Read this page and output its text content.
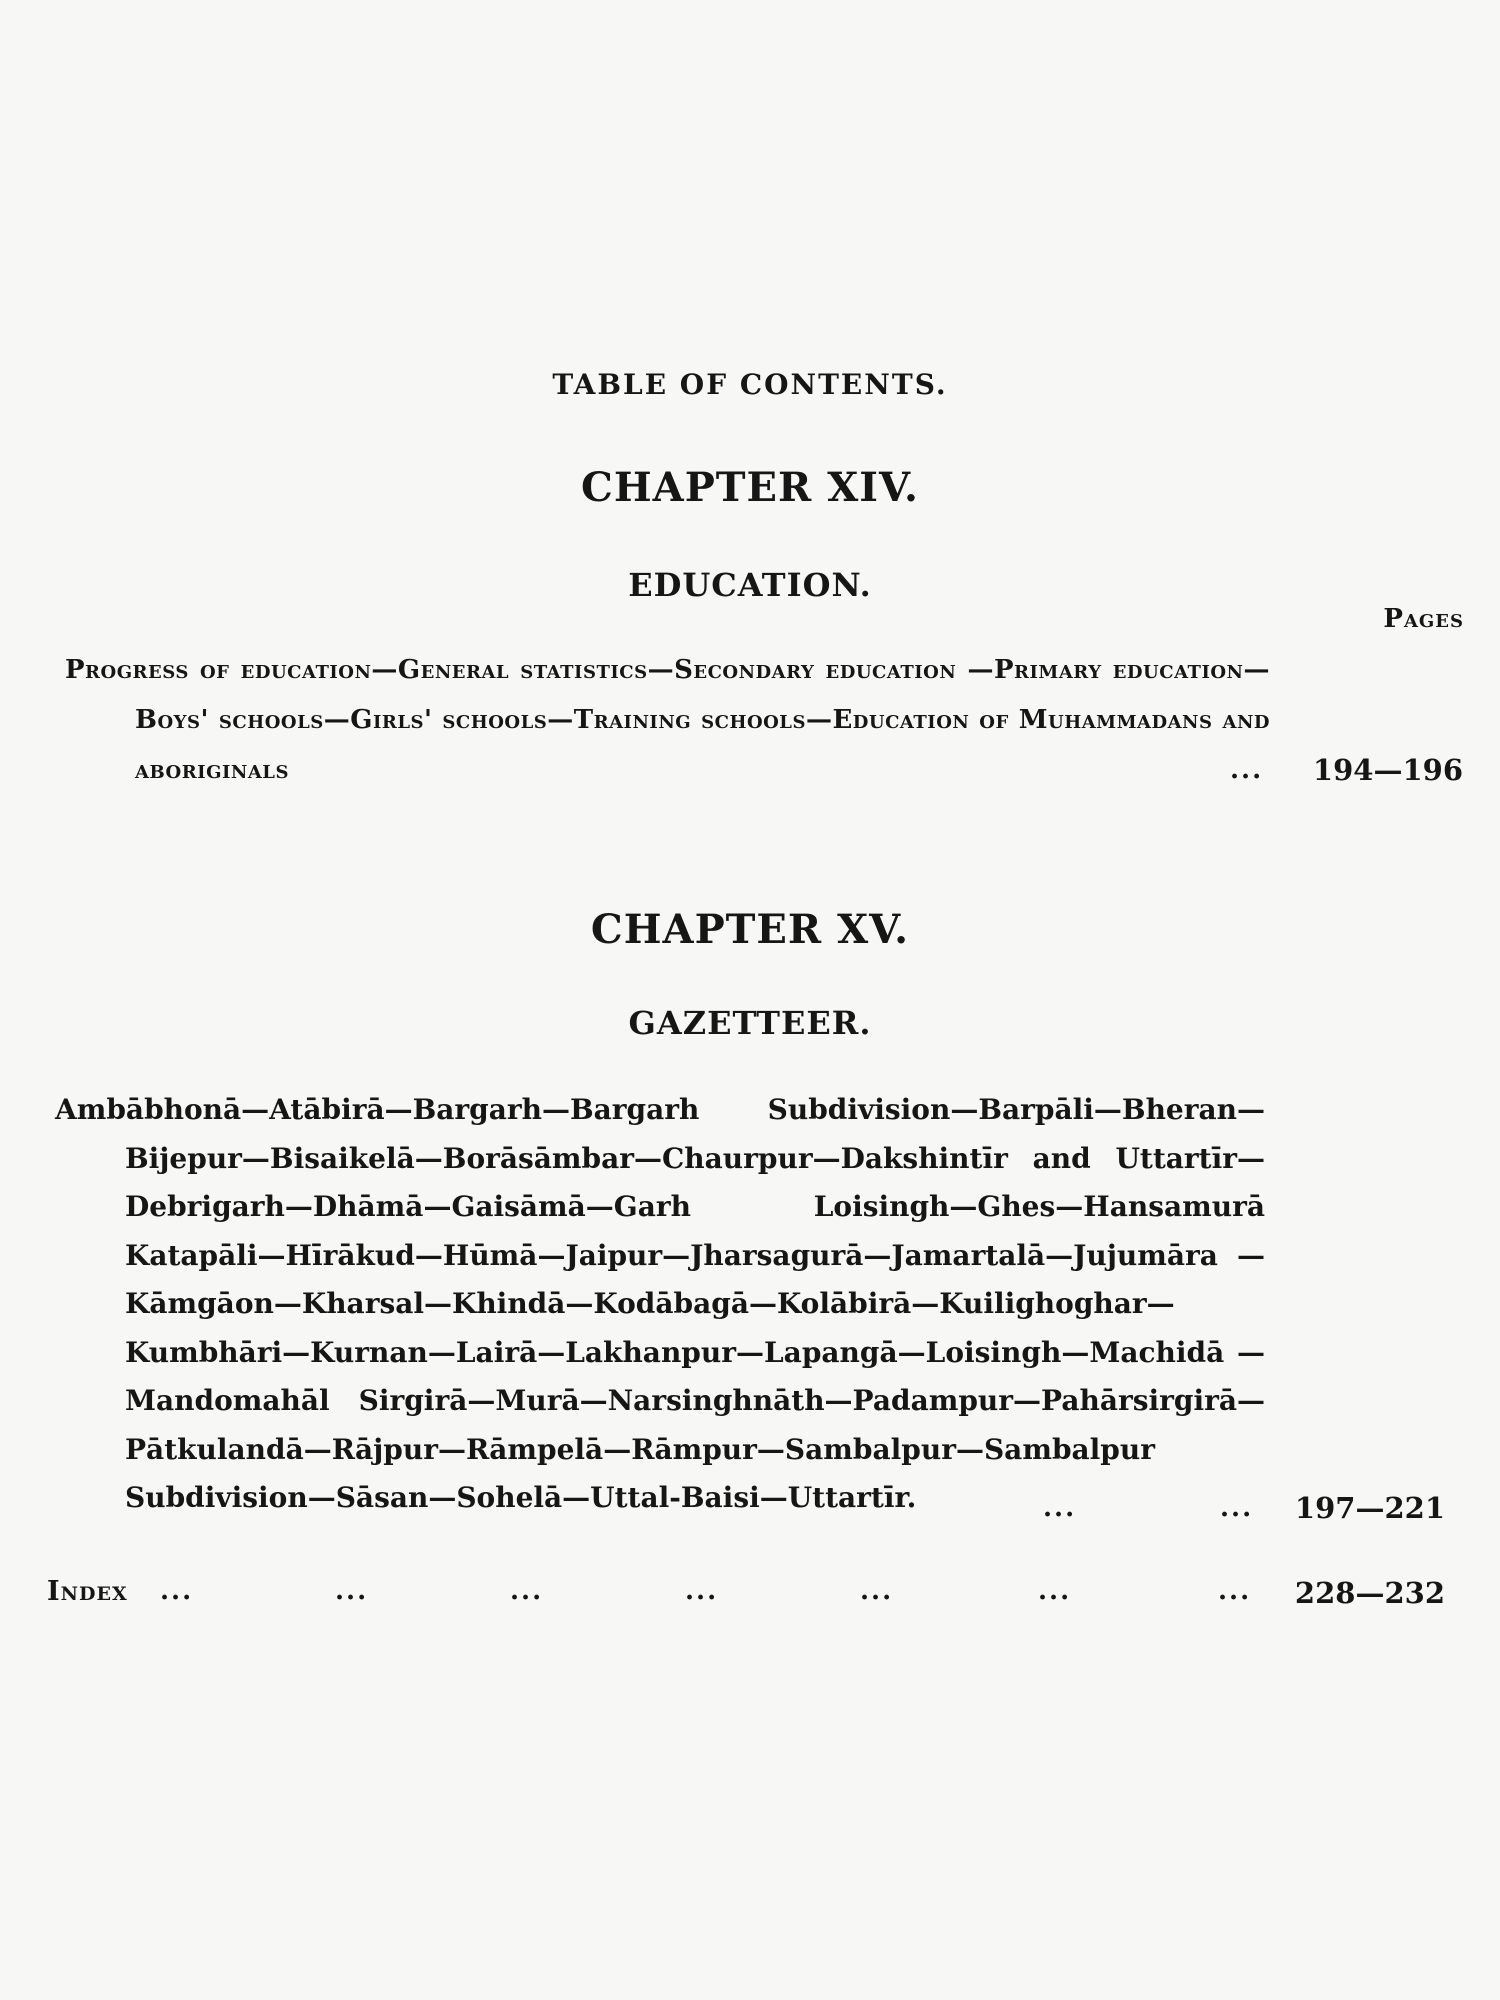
TABLE OF CONTENTS.
CHAPTER XIV.
EDUCATION.
Pages
Progress of education—General statistics—Secondary education —Primary education—Boys' schools—Girls' schools—Training schools—Education of Muhammadans and aboriginals	... 194—196
CHAPTER XV.
GAZETTEER.
Ambābhonā—Atābirā—Bargarh—Bargarh Subdivision—Barpāli—Bheran—Bijepur—Bisaikelā—Borāsāmbar—Chaurpur—Dakshintīr and Uttartīr—Debrigarh—Dhāmā—Gaisāmā—Garh Loisingh—Ghes—Hansamurā Katapāli—Hīrākud—Hūmā—Jaipur—Jharsagurā—Jamartalā—Jujumāra —Kāmgāon—Kharsal—Khindā—Kodābagā—Kolābirā—Kuilighoghar—Kumbhāri—Kurnan—Lairā—Lakhanpur—Lapangā—Loisingh—Machidā —Mandomahāl Sirgirā—Murā—Narsinghnāth—Padampur—Pahārsirgirā—Pātkulandā—Rājpur—Rāmpelā—Rāmpur—Sambalpur—Sambalpur Subdivision—Sāsan—Sohelā—Uttal-Baisi—Uttartīr.	...	... 197—221
Index ...	...	...	...	...	...	... 228—232
